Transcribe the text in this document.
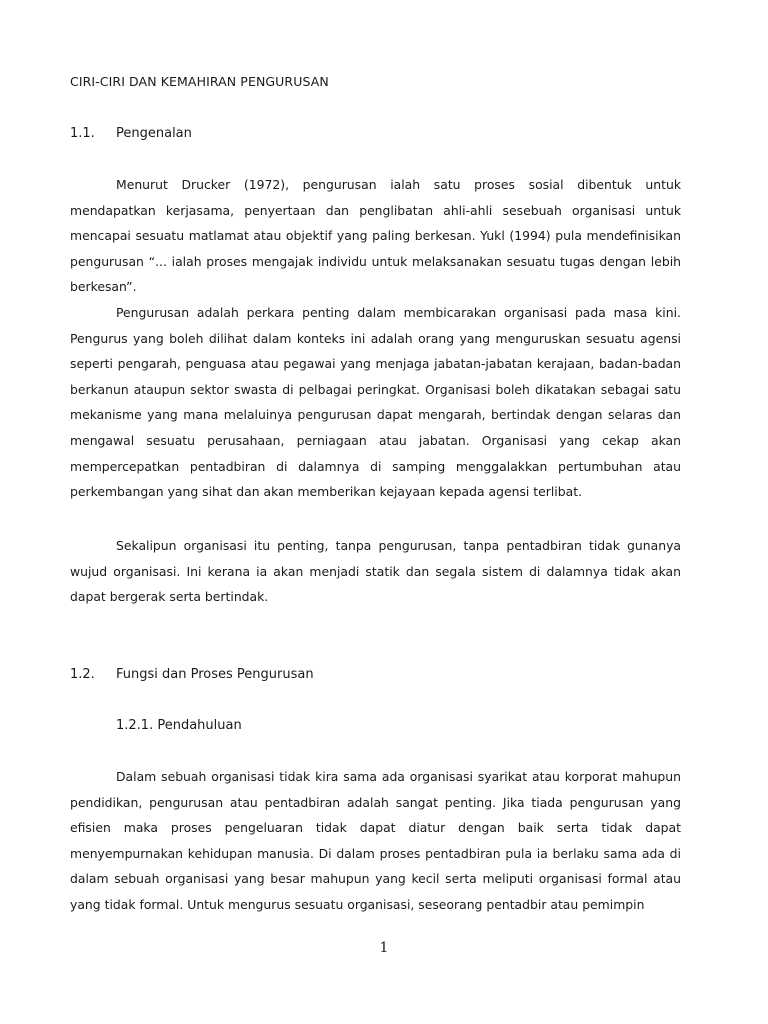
CIRI-CIRI DAN KEMAHIRAN PENGURUSAN
1.1. Pengenalan

Menurut Drucker (1972), pengurusan ialah satu proses sosial dibentuk untuk mendapatkan kerjasama, penyertaan dan penglibatan ahli-ahli sesebuah organisasi untuk mencapai sesuatu matlamat atau objektif yang paling berkesan. Yukl (1994) pula mendefinisikan pengurusan “... ialah proses mengajak individu untuk melaksanakan sesuatu tugas dengan lebih berkesan”.

Pengurusan adalah perkara penting dalam membicarakan organisasi pada masa kini. Pengurus yang boleh dilihat dalam konteks ini adalah orang yang menguruskan sesuatu agensi seperti pengarah, penguasa atau pegawai yang menjaga jabatan-jabatan kerajaan, badan-badan berkanun ataupun sektor swasta di pelbagai peringkat. Organisasi boleh dikatakan sebagai satu mekanisme yang mana melaluinya pengurusan dapat mengarah, bertindak dengan selaras dan mengawal sesuatu perusahaan, perniagaan atau jabatan. Organisasi yang cekap akan mempercepatkan pentadbiran di dalamnya di samping menggalakkan pertumbuhan atau perkembangan yang sihat dan akan memberikan kejayaan kepada agensi terlibat.

Sekalipun organisasi itu penting, tanpa pengurusan, tanpa pentadbiran tidak gunanya wujud organisasi. Ini kerana ia akan menjadi statik dan segala sistem di dalamnya tidak akan dapat bergerak serta bertindak.

1.2. Fungsi dan Proses Pengurusan
1.2.1. Pendahuluan

Dalam sebuah organisasi tidak kira sama ada organisasi syarikat atau korporat mahupun pendidikan, pengurusan atau pentadbiran adalah sangat penting. Jika tiada pengurusan yang efisien maka proses pengeluaran tidak dapat diatur dengan baik serta tidak dapat menyempurnakan kehidupan manusia. Di dalam proses pentadbiran pula ia berlaku sama ada di dalam sebuah organisasi yang besar mahupun yang kecil serta meliputi organisasi formal atau yang tidak formal. Untuk mengurus sesuatu organisasi, seseorang pentadbir atau pemimpin

1
